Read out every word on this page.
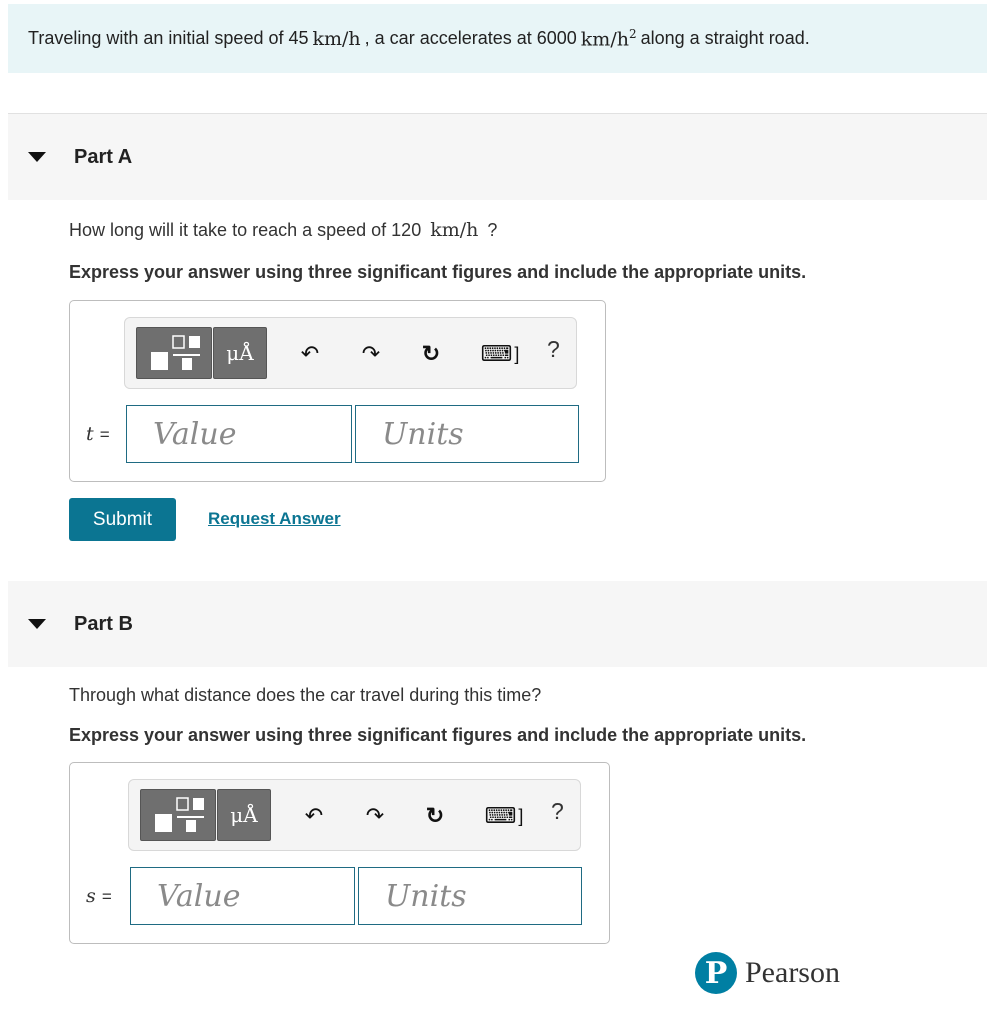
Traveling with an initial speed of 45 km/h , a car accelerates at 6000 $km/h^2$ along a straight road.
Part A
How long will it take to reach a speed of 120 km/h ?
Express your answer using three significant figures and include the appropriate units.
μÅ	↶ ↷ ↻ ⌨ ] ?
t =
Value
Units
Submit	Request Answer
Part B
Through what distance does the car travel during this time?
Express your answer using three significant figures and include the appropriate units.
μÅ	↶ ↷ ↻ ⌨ ] ?
s =
Value
Units
P Pearson
